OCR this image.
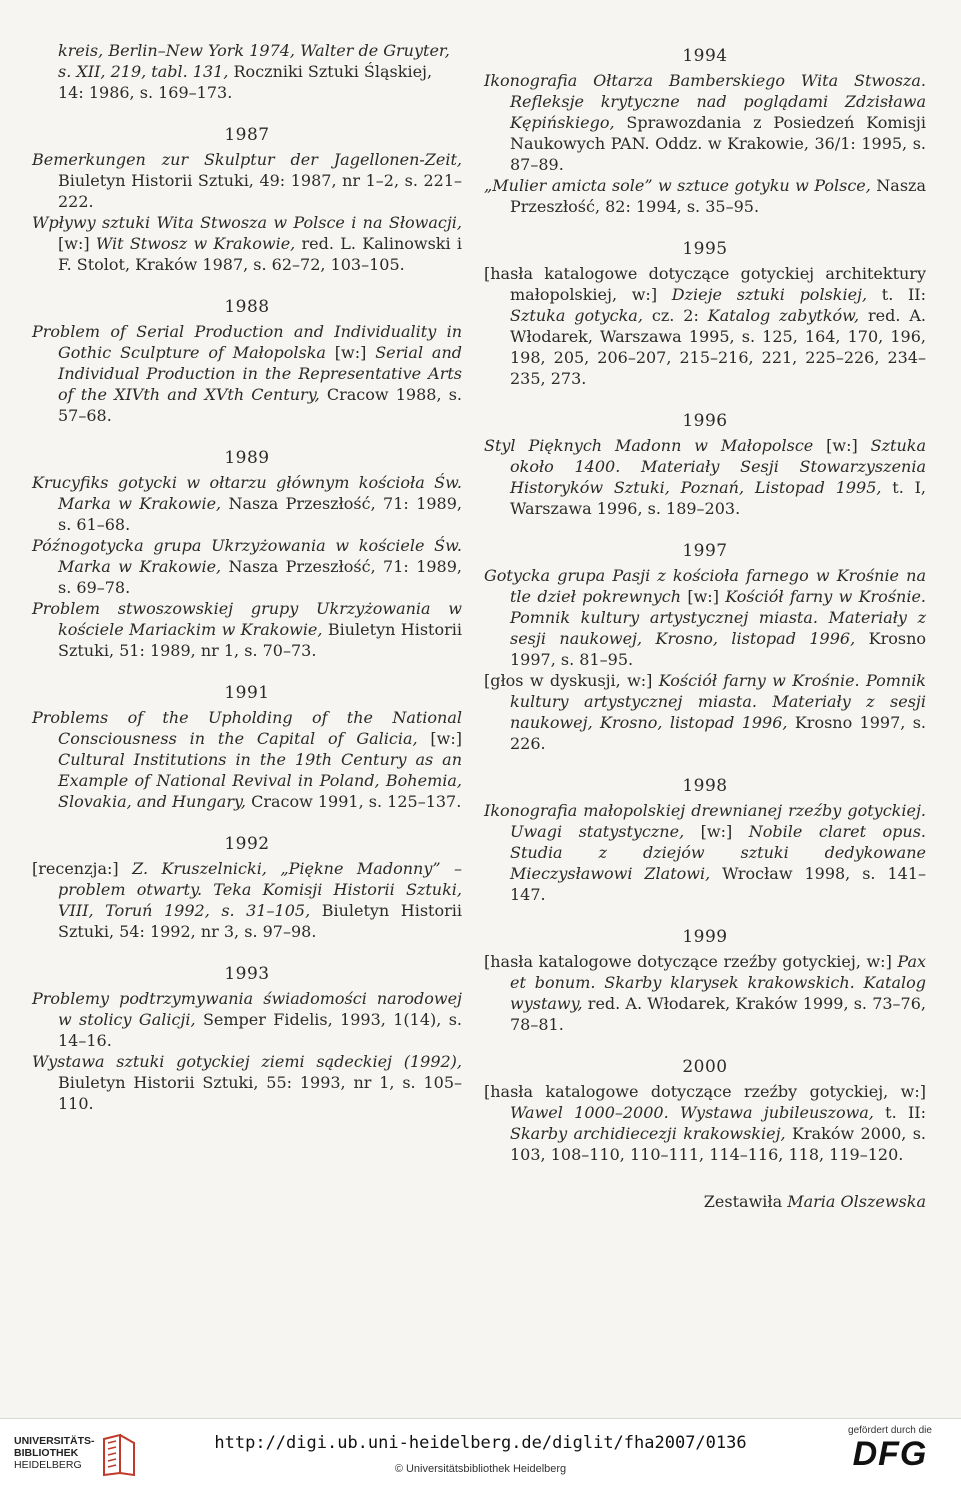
kreis, Berlin–New York 1974, Walter de Gruyter, s. XII, 219, tabl. 131, Roczniki Sztuki Śląskiej, 14: 1986, s. 169–173.

1987

Bemerkungen zur Skulptur der Jagellonen-Zeit, Biuletyn Historii Sztuki, 49: 1987, nr 1–2, s. 221–222.

Wpływy sztuki Wita Stwosza w Polsce i na Słowacji, [w:] Wit Stwosz w Krakowie, red. L. Kalinowski i F. Stolot, Kraków 1987, s. 62–72, 103–105.

1988

Problem of Serial Production and Individuality in Gothic Sculpture of Małopolska [w:] Serial and Individual Production in the Representative Arts of the XIVth and XVth Century, Cracow 1988, s. 57–68.

1989

Krucyfiks gotycki w ołtarzu głównym kościoła Św. Marka w Krakowie, Nasza Przeszłość, 71: 1989, s. 61–68.

Późnogotycka grupa Ukrzyżowania w kościele Św. Marka w Krakowie, Nasza Przeszłość, 71: 1989, s. 69–78.

Problem stwoszowskiej grupy Ukrzyżowania w kościele Mariackim w Krakowie, Biuletyn Historii Sztuki, 51: 1989, nr 1, s. 70–73.

1991

Problems of the Upholding of the National Consciousness in the Capital of Galicia, [w:] Cultural Institutions in the 19th Century as an Example of National Revival in Poland, Bohemia, Slovakia, and Hungary, Cracow 1991, s. 125–137.

1992

[recenzja:] Z. Kruszelnicki, „Piękne Madonny” – problem otwarty. Teka Komisji Historii Sztuki, VIII, Toruń 1992, s. 31–105, Biuletyn Historii Sztuki, 54: 1992, nr 3, s. 97–98.

1993

Problemy podtrzymywania świadomości narodowej w stolicy Galicji, Semper Fidelis, 1993, 1(14), s. 14–16.

Wystawa sztuki gotyckiej ziemi sądeckiej (1992), Biuletyn Historii Sztuki, 55: 1993, nr 1, s. 105–110.

1994

Ikonografia Ołtarza Bamberskiego Wita Stwosza. Refleksje krytyczne nad poglądami Zdzisława Kępińskiego, Sprawozdania z Posiedzeń Komisji Naukowych PAN. Oddz. w Krakowie, 36/1: 1995, s. 87–89.

„Mulier amicta sole” w sztuce gotyku w Polsce, Nasza Przeszłość, 82: 1994, s. 35–95.

1995

[hasła katalogowe dotyczące gotyckiej architektury małopolskiej, w:] Dzieje sztuki polskiej, t. II: Sztuka gotycka, cz. 2: Katalog zabytków, red. A. Włodarek, Warszawa 1995, s. 125, 164, 170, 196, 198, 205, 206–207, 215–216, 221, 225–226, 234–235, 273.

1996

Styl Pięknych Madonn w Małopolsce [w:] Sztuka około 1400. Materiały Sesji Stowarzyszenia Historyków Sztuki, Poznań, Listopad 1995, t. I, Warszawa 1996, s. 189–203.

1997

Gotycka grupa Pasji z kościoła farnego w Krośnie na tle dzieł pokrewnych [w:] Kościół farny w Krośnie. Pomnik kultury artystycznej miasta. Materiały z sesji naukowej, Krosno, listopad 1996, Krosno 1997, s. 81–95.

[głos w dyskusji, w:] Kościół farny w Krośnie. Pomnik kultury artystycznej miasta. Materiały z sesji naukowej, Krosno, listopad 1996, Krosno 1997, s. 226.

1998

Ikonografia małopolskiej drewnianej rzeźby gotyckiej. Uwagi statystyczne, [w:] Nobile claret opus. Studia z dziejów sztuki dedykowane Mieczysławowi Zlatowi, Wrocław 1998, s. 141–147.

1999

[hasła katalogowe dotyczące rzeźby gotyckiej, w:] Pax et bonum. Skarby klarysek krakowskich. Katalog wystawy, red. A. Włodarek, Kraków 1999, s. 73–76, 78–81.

2000

[hasła katalogowe dotyczące rzeźby gotyckiej, w:] Wawel 1000–2000. Wystawa jubileuszowa, t. II: Skarby archidiecezji krakowskiej, Kraków 2000, s. 103, 108–110, 110–111, 114–116, 118, 119–120.

Zestawiła Maria Olszewska
UNIVERSITÄTS-
BIBLIOTHEK
HEIDELBERG
http://digi.ub.uni-heidelberg.de/diglit/fha2007/0136
© Universitätsbibliothek Heidelberg
gefördert durch die
DFG
